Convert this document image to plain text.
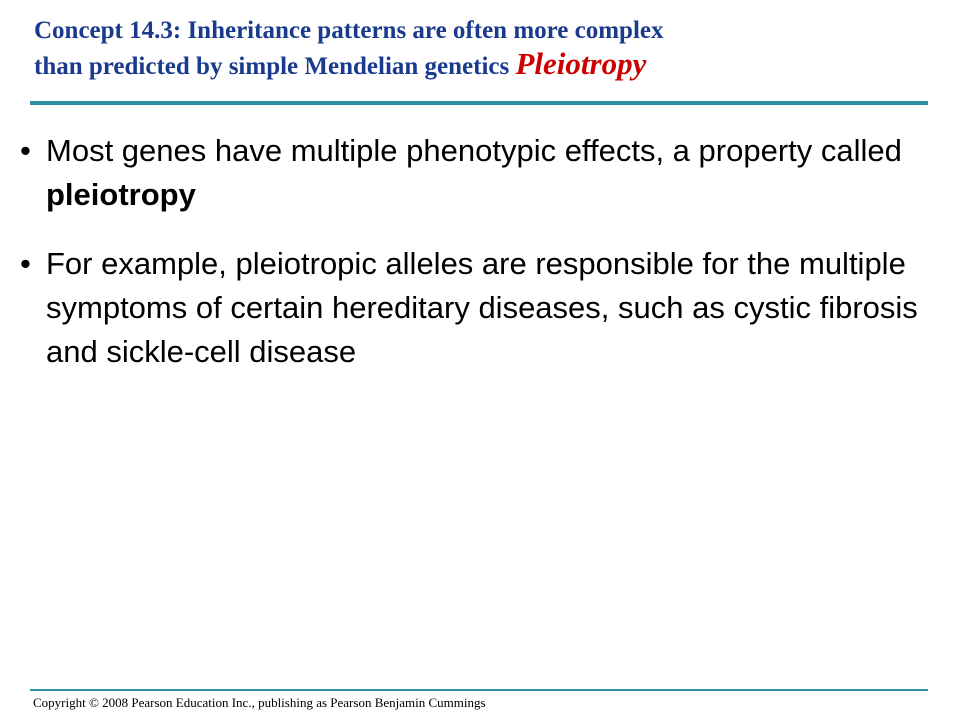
Concept 14.3: Inheritance patterns are often more complex
than predicted by simple Mendelian genetics Pleiotropy
• Most genes have multiple phenotypic effects, a property called pleiotropy
• For example, pleiotropic alleles are responsible for the multiple symptoms of certain hereditary diseases, such as cystic fibrosis and sickle-cell disease
Copyright © 2008 Pearson Education Inc., publishing as Pearson Benjamin Cummings
